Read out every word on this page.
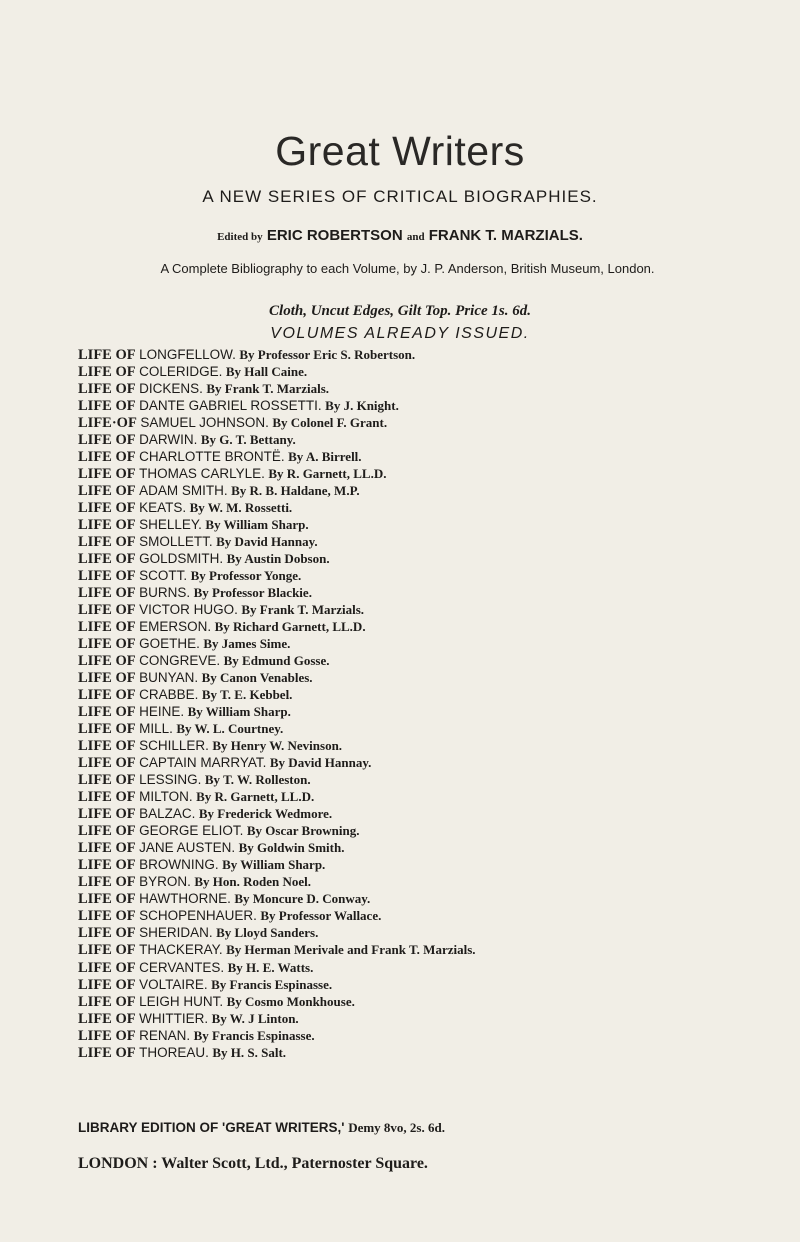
Great Writers
A NEW SERIES OF CRITICAL BIOGRAPHIES.
Edited by ERIC ROBERTSON and FRANK T. MARZIALS.
A Complete Bibliography to each Volume, by J. P. Anderson, British Museum, London.
Cloth, Uncut Edges, Gilt Top. Price 1s. 6d.
VOLUMES ALREADY ISSUED.
LIFE OF LONGFELLOW. By Professor Eric S. Robertson.
LIFE OF COLERIDGE. By Hall Caine.
LIFE OF DICKENS. By Frank T. Marzials.
LIFE OF DANTE GABRIEL ROSSETTI. By J. Knight.
LIFE·OF SAMUEL JOHNSON. By Colonel F. Grant.
LIFE OF DARWIN. By G. T. Bettany.
LIFE OF CHARLOTTE BRONTË. By A. Birrell.
LIFE OF THOMAS CARLYLE. By R. Garnett, LL.D.
LIFE OF ADAM SMITH. By R. B. Haldane, M.P.
LIFE OF KEATS. By W. M. Rossetti.
LIFE OF SHELLEY. By William Sharp.
LIFE OF SMOLLETT. By David Hannay.
LIFE OF GOLDSMITH. By Austin Dobson.
LIFE OF SCOTT. By Professor Yonge.
LIFE OF BURNS. By Professor Blackie.
LIFE OF VICTOR HUGO. By Frank T. Marzials.
LIFE OF EMERSON. By Richard Garnett, LL.D.
LIFE OF GOETHE. By James Sime.
LIFE OF CONGREVE. By Edmund Gosse.
LIFE OF BUNYAN. By Canon Venables.
LIFE OF CRABBE. By T. E. Kebbel.
LIFE OF HEINE. By William Sharp.
LIFE OF MILL. By W. L. Courtney.
LIFE OF SCHILLER. By Henry W. Nevinson.
LIFE OF CAPTAIN MARRYAT. By David Hannay.
LIFE OF LESSING. By T. W. Rolleston.
LIFE OF MILTON. By R. Garnett, LL.D.
LIFE OF BALZAC. By Frederick Wedmore.
LIFE OF GEORGE ELIOT. By Oscar Browning.
LIFE OF JANE AUSTEN. By Goldwin Smith.
LIFE OF BROWNING. By William Sharp.
LIFE OF BYRON. By Hon. Roden Noel.
LIFE OF HAWTHORNE. By Moncure D. Conway.
LIFE OF SCHOPENHAUER. By Professor Wallace.
LIFE OF SHERIDAN. By Lloyd Sanders.
LIFE OF THACKERAY. By Herman Merivale and Frank T. Marzials.
LIFE OF CERVANTES. By H. E. Watts.
LIFE OF VOLTAIRE. By Francis Espinasse.
LIFE OF LEIGH HUNT. By Cosmo Monkhouse.
LIFE OF WHITTIER. By W. J Linton.
LIFE OF RENAN. By Francis Espinasse.
LIFE OF THOREAU. By H. S. Salt.
LIBRARY EDITION OF 'GREAT WRITERS,' Demy 8vo, 2s. 6d.
LONDON : Walter Scott, Ltd., Paternoster Square.
